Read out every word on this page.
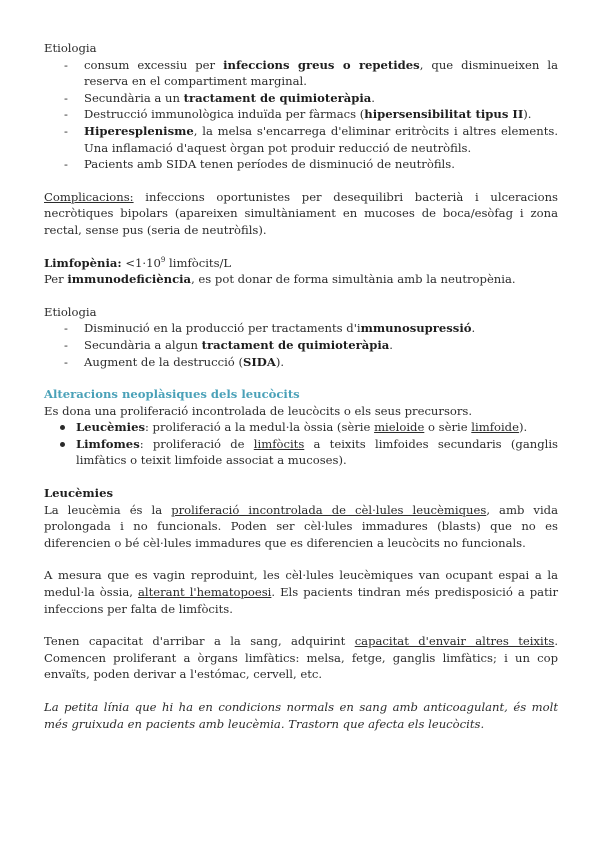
Etiologia

- consum excessiu per infeccions greus o repetides, que disminueixen la reserva en el compartiment marginal.
- Secundària a un tractament de quimioteràpia.
- Destrucció immunològica induïda per fàrmacs (hipersensibilitat tipus II).
- Hiperesplenisme, la melsa s'encarrega d'eliminar eritròcits i altres elements. Una inflamació d'aquest òrgan pot produir reducció de neutròfils.
- Pacients amb SIDA tenen períodes de disminució de neutròfils.

Complicacions: infeccions oportunistes per desequilibri bacterià i ulceracions necròtiques bipolars (apareixen simultàniament en mucoses de boca/esòfag i zona rectal, sense pus (seria de neutròfils).

Limfopènia: $<1\cdot 10^9$ limfòcits/L

Per immunodeficiència, es pot donar de forma simultània amb la neutropènia.

Etiologia

- Disminució en la producció per tractaments d'immunosupressió.
- Secundària a algun tractament de quimioteràpia.
- Augment de la destrucció (SIDA).

Alteracions neoplàsiques dels leucòcits

Es dona una proliferació incontrolada de leucòcits o els seus precursors.

Leucèmies: proliferació a la medul·la òssia (sèrie mieloide o sèrie limfoide).
Limfomes: proliferació de limfòcits a teixits limfoides secundaris (ganglis limfàtics o teixit limfoide associat a mucoses).

Leucèmies

La leucèmia és la proliferació incontrolada de cèl·lules leucèmiques, amb vida prolongada i no funcionals. Poden ser cèl·lules immadures (blasts) que no es diferencien o bé cèl·lules immadures que es diferencien a leucòcits no funcionals.

A mesura que es vagin reproduint, les cèl·lules leucèmiques van ocupant espai a la medul·la òssia, alterant l'hematopoesi. Els pacients tindran més predisposició a patir infeccions per falta de limfòcits.

Tenen capacitat d'arribar a la sang, adquirint capacitat d'envair altres teixits. Comencen proliferant a òrgans limfàtics: melsa, fetge, ganglis limfàtics; i un cop envaïts, poden derivar a l'estómac, cervell, etc.

La petita línia que hi ha en condicions normals en sang amb anticoagulant, és molt més gruixuda en pacients amb leucèmia. Trastorn que afecta els leucòcits.
